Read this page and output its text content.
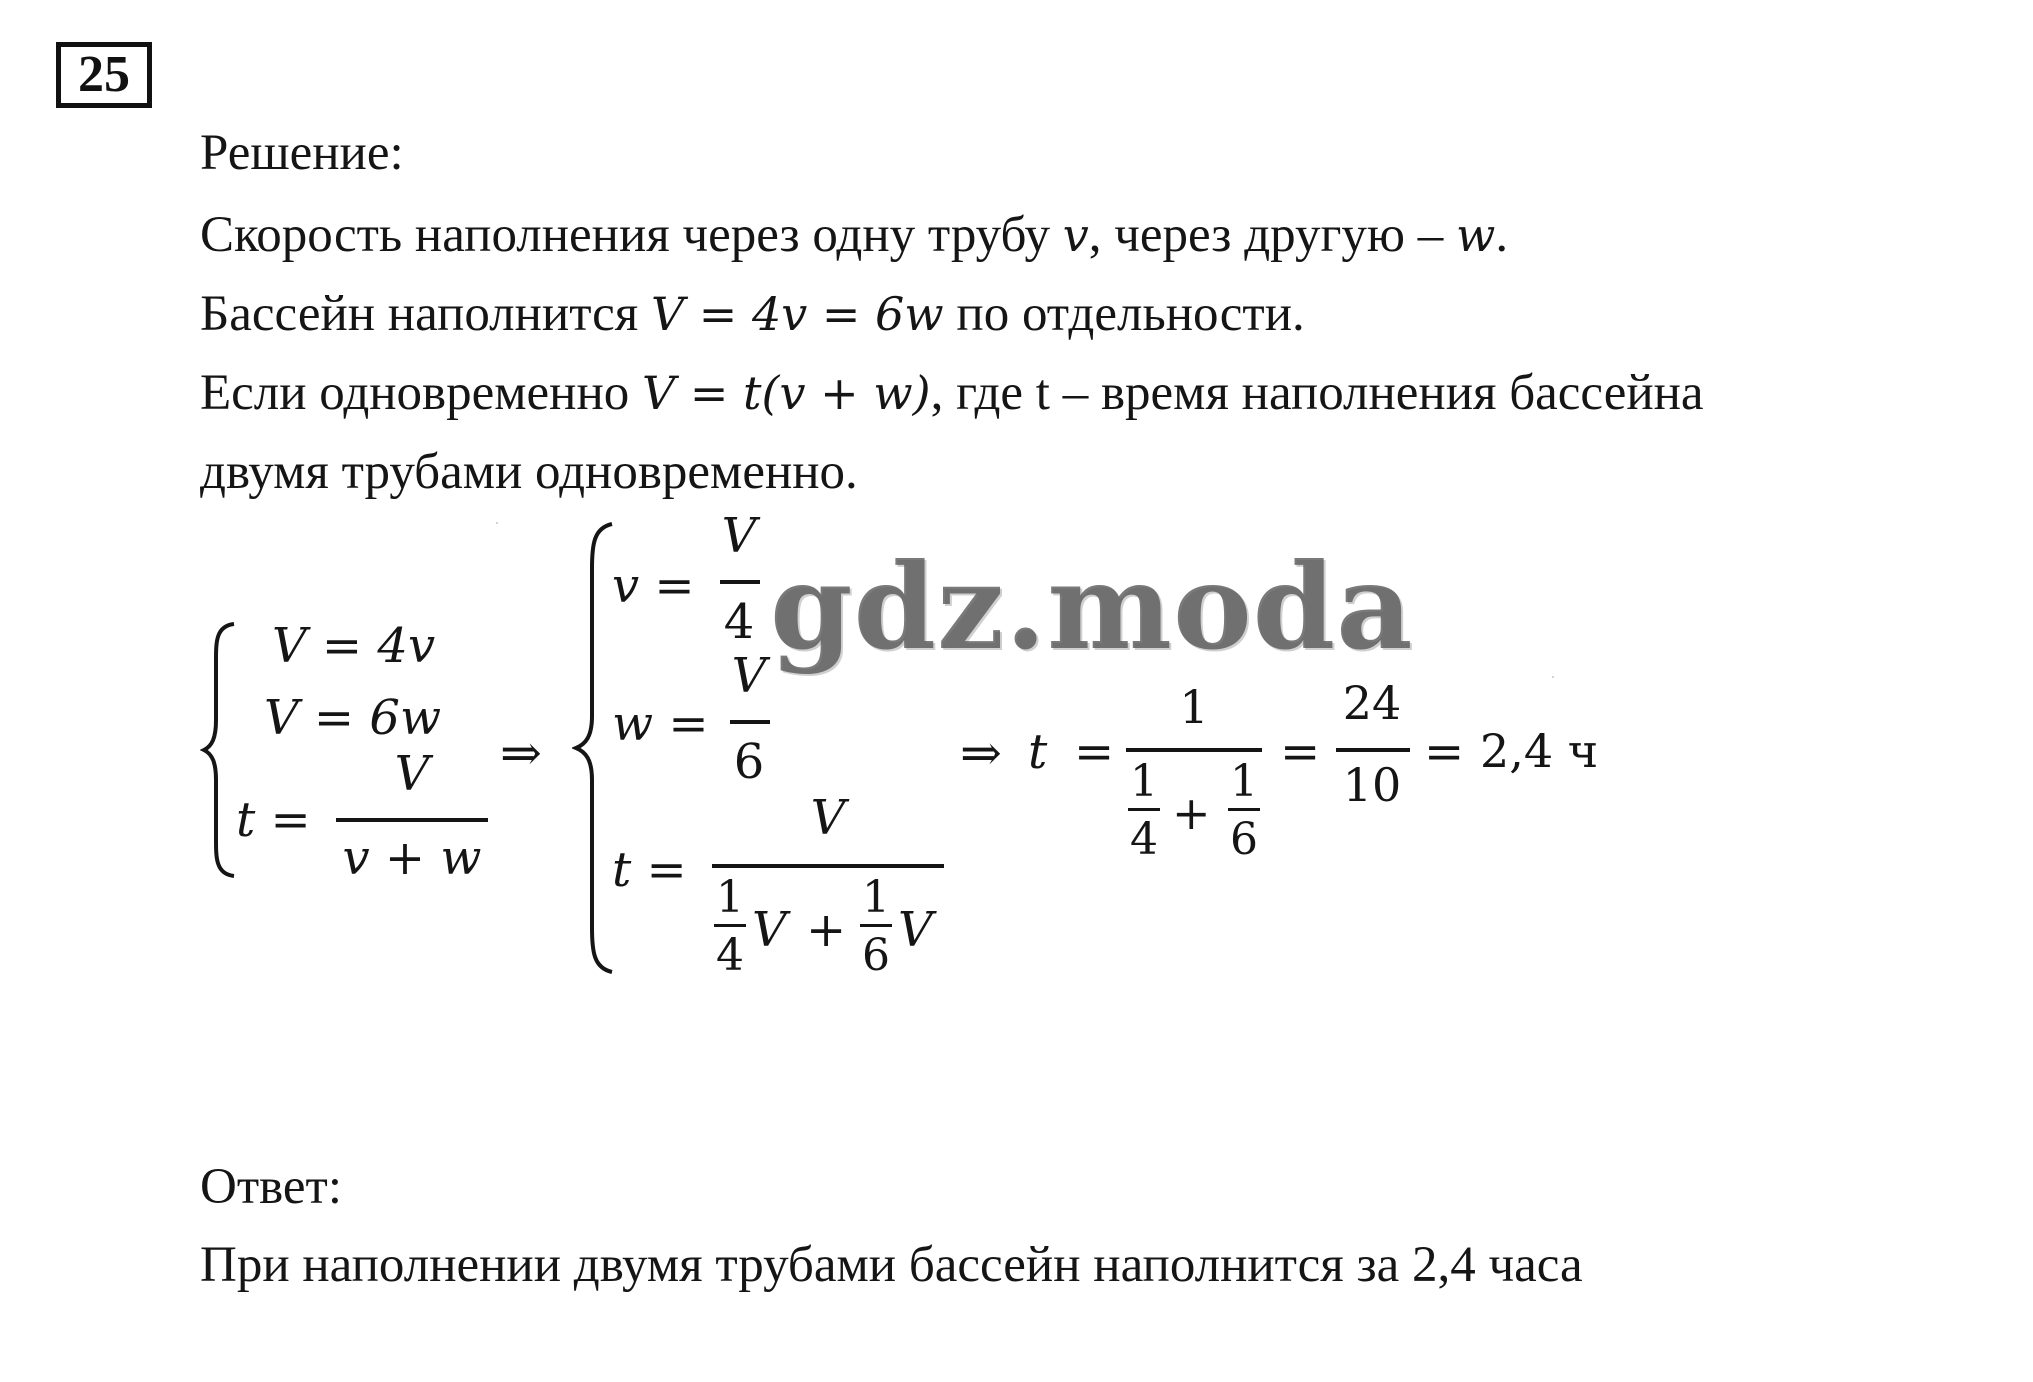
25
Решение:
Скорость наполнения через одну трубу v, через другую – w.
Бассейн наполнится V = 4v = 6w по отдельности.
Если одновременно V = t(v + w), где t – время наполнения бассейна
двумя трубами одновременно.
V = 4v
V = 6w
t =
V
v + w
⇒
v =
V
4
w =
V
6
t =
V
1
4 V +
1
6 V
⇒ t =
1
1
4 +
1
6
=
24
10
= 2,4 ч
gdz.moda
·
·
Ответ:
При наполнении двумя трубами бассейн наполнится за 2,4 часа
